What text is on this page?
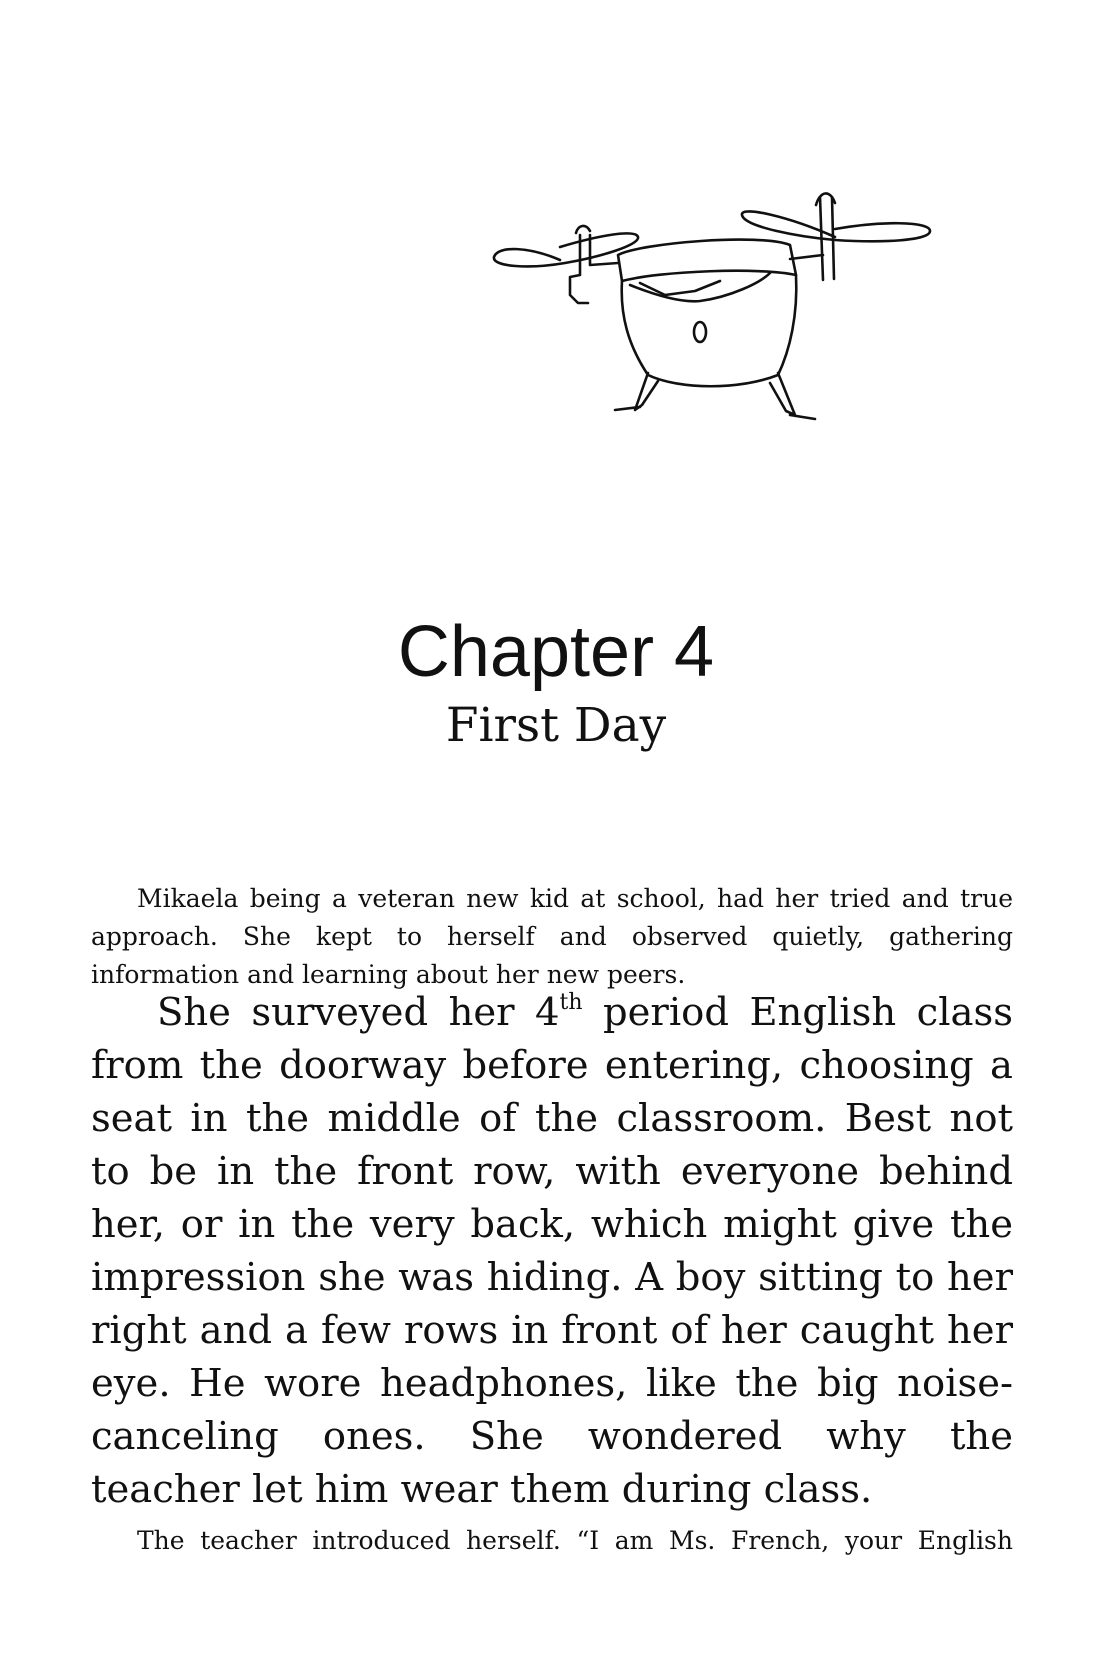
Chapter 4
First Day

Mikaela being a veteran new kid at school, had her tried and true approach. She kept to herself and observed quietly, gathering information and learning about her new peers.

She surveyed her 4th period English class from the doorway before entering, choosing a seat in the middle of the classroom. Best not to be in the front row, with everyone behind her, or in the very back, which might give the impression she was hiding. A boy sitting to her right and a few rows in front of her caught her eye. He wore headphones, like the big noise-canceling ones. She wondered why the teacher let him wear them during class.

The teacher introduced herself. “I am Ms. French, your English
